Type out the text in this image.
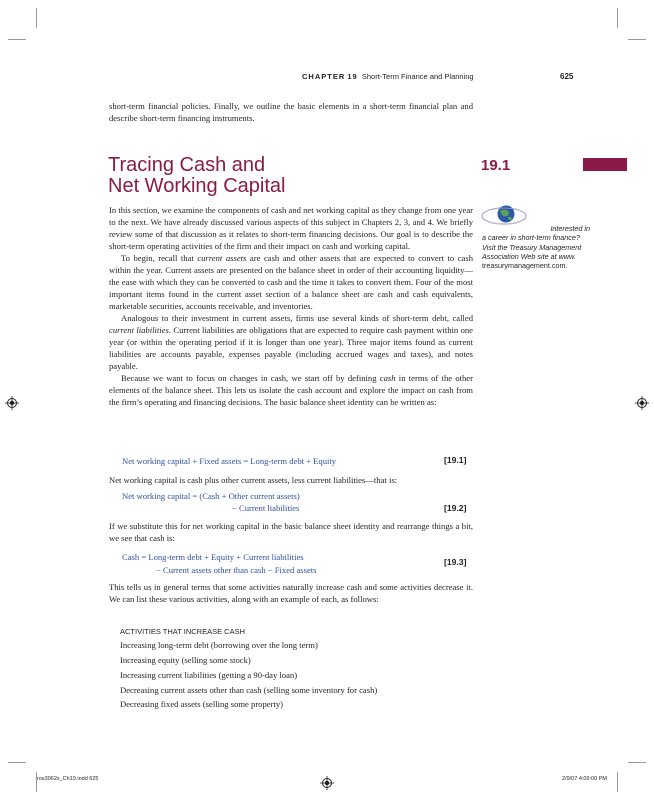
CHAPTER 19 Short-Term Finance and Planning	625

short-term financial policies. Finally, we outline the basic elements in a short-term financial plan and describe short-term financing instruments.

Tracing Cash and
Net Working Capital
19.1
Interested in
a career in short-term finance? Visit the Treasury Management Association Web site at www. treasurymanagement.com.

In this section, we examine the components of cash and net working capital as they change from one year to the next. We have already discussed various aspects of this subject in Chapters 2, 3, and 4. We briefly review some of that discussion as it relates to short-term financing decisions. Our goal is to describe the short-term operating activities of the firm and their impact on cash and working capital.

To begin, recall that current assets are cash and other assets that are expected to convert to cash within the year. Current assets are presented on the balance sheet in order of their accounting liquidity—the ease with which they can be converted to cash and the time it takes to convert them. Four of the most important items found in the current asset section of a balance sheet are cash and cash equivalents, marketable securities, accounts receivable, and inventories.

Analogous to their investment in current assets, firms use several kinds of short-term debt, called current liabilities. Current liabilities are obligations that are expected to require cash payment within one year (or within the operating period if it is longer than one year). Three major items found as current liabilities are accounts payable, expenses payable (including accrued wages and taxes), and notes payable.

Because we want to focus on changes in cash, we start off by defining cash in terms of the other elements of the balance sheet. This lets us isolate the cash account and explore the impact on cash from the firm’s operating and financing decisions. The basic balance sheet identity can be written as:

Net working capital + Fixed assets = Long-term debt + Equity	[19.1]

Net working capital is cash plus other current assets, less current liabilities—that is:

Net working capital = (Cash + Other current assets)
− Current liabilities	[19.2]

If we substitute this for net working capital in the basic balance sheet identity and rearrange things a bit, we see that cash is:

Cash = Long-term debt + Equity + Current liabilities
− Current assets other than cash − Fixed assets
[19.3]

This tells us in general terms that some activities naturally increase cash and some activities decrease it. We can list these various activities, along with an example of each, as follows:

ACTIVITIES THAT INCREASE CASH
Increasing long-term debt (borrowing over the long term)
Increasing equity (selling some stock)
Increasing current liabilities (getting a 90-day loan)
Decreasing current assets other than cash (selling some inventory for cash)
Decreasing fixed assets (selling some property)
ros3062x_Ch19.indd 625	2/9/07 4:09:00 PM
